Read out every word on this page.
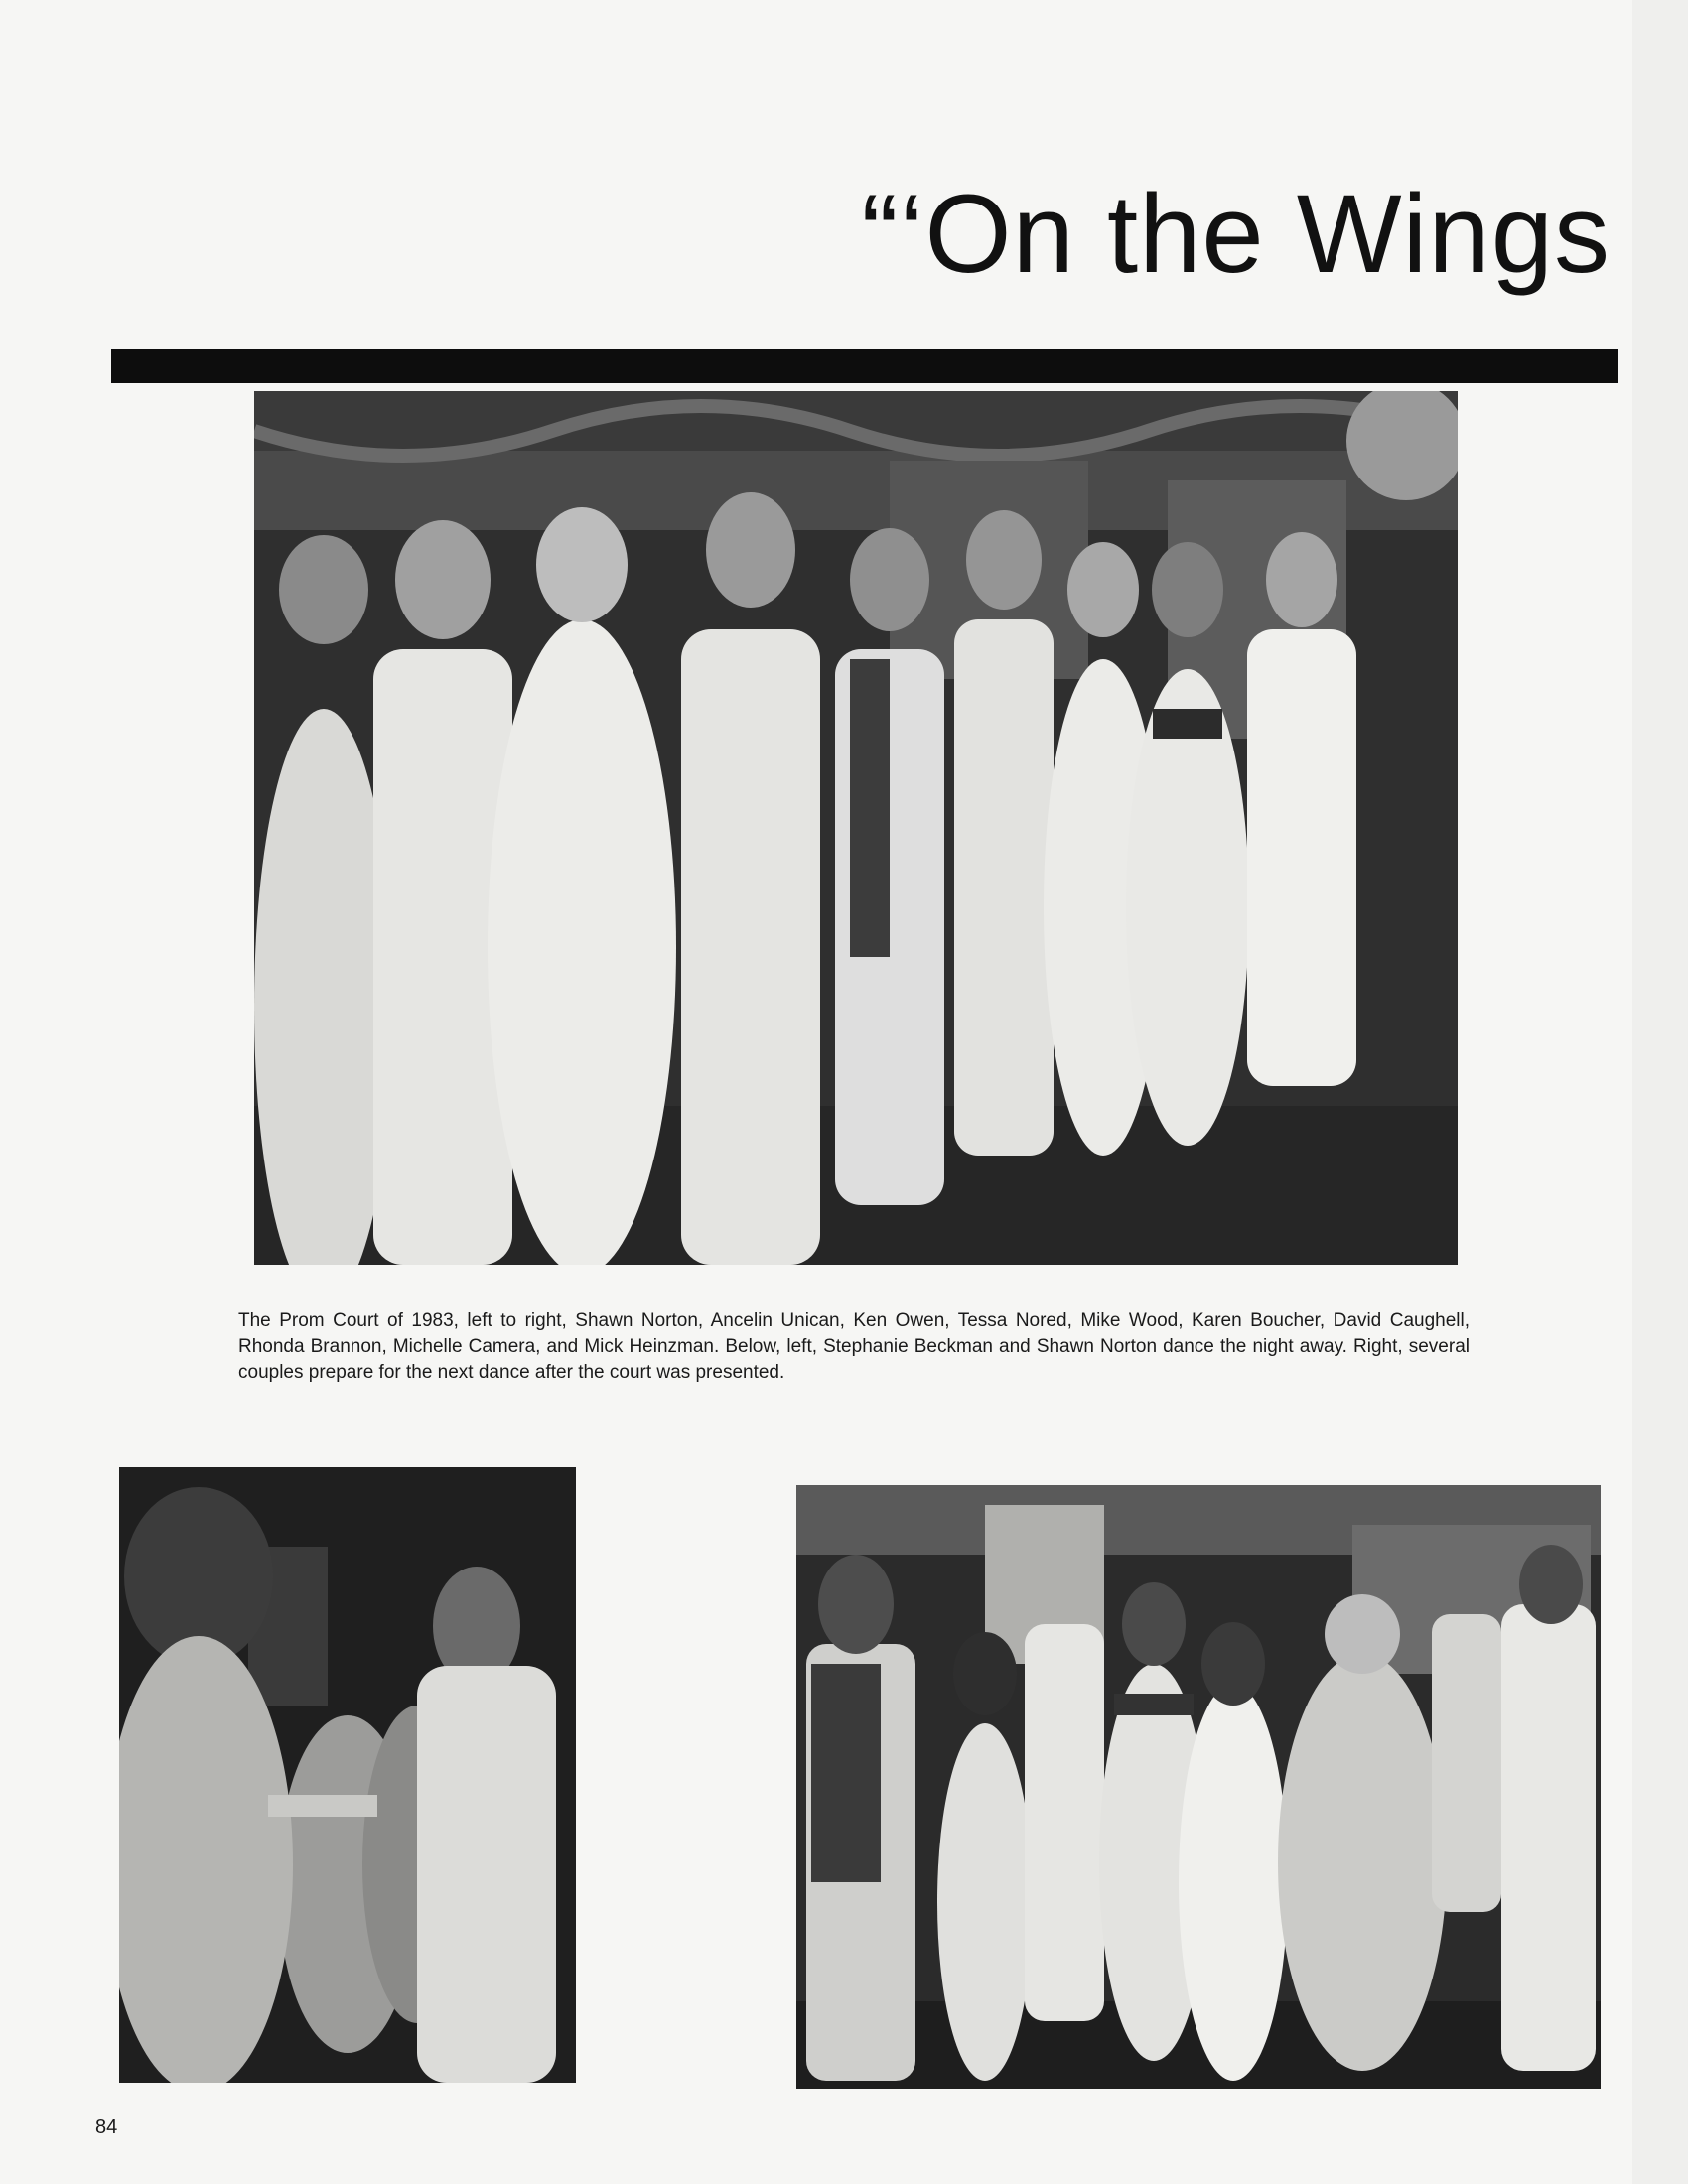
“‘On the Wings

The Prom Court of 1983, left to right, Shawn Norton, Ancelin Unican, Ken Owen, Tessa Nored, Mike Wood, Karen Boucher, David Caughell, Rhonda Brannon, Michelle Camera, and Mick Heinzman. Below, left, Stephanie Beckman and Shawn Norton dance the night away. Right, several couples prepare for the next dance after the court was presented.

84
